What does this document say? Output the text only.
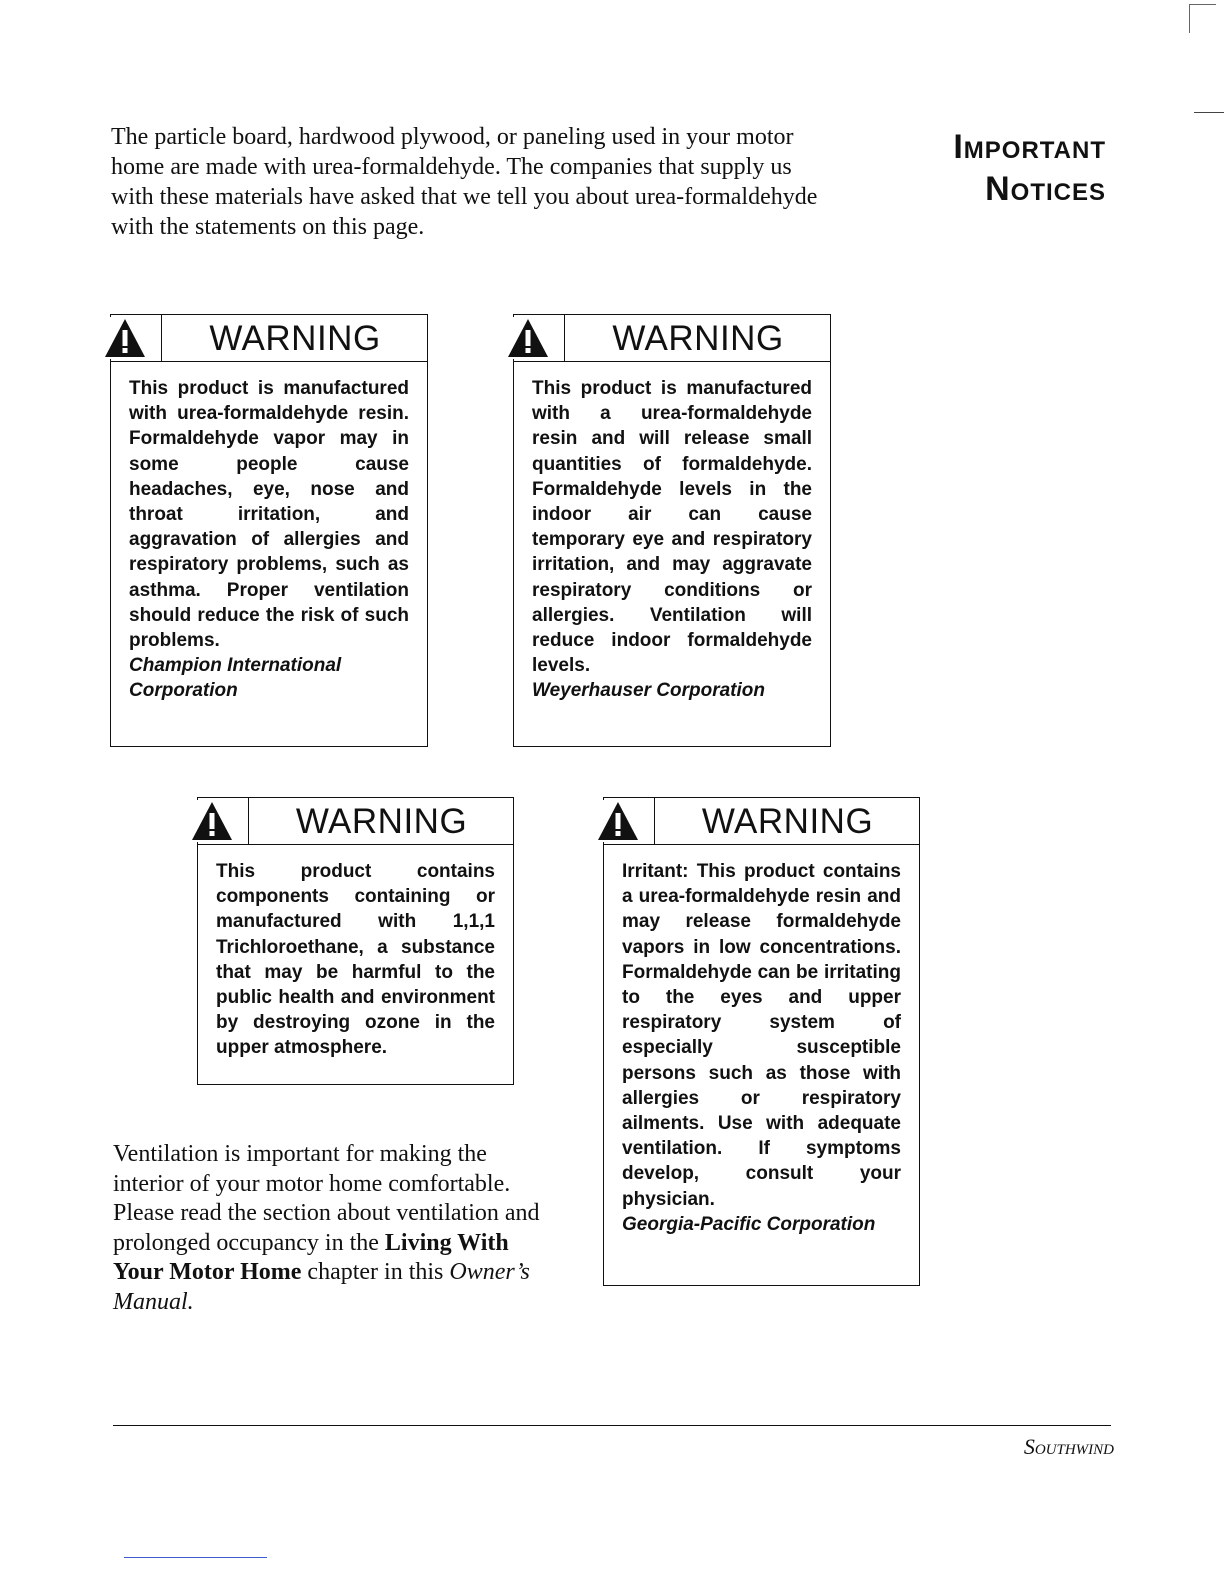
The particle board, hardwood plywood, or paneling used in your motor home are made with urea-formaldehyde. The companies that supply us with these materials have asked that we tell you about urea-formaldehyde with the statements on this page.

Important
Notices
WARNING

This product is manufactured with urea-formaldehyde resin. Formaldehyde vapor may in some people cause headaches, eye, nose and throat irritation, and aggravation of allergies and respiratory problems, such as asthma. Proper ventilation should reduce the risk of such problems.

Champion International Corporation

WARNING

This product is manufactured with a urea-formaldehyde resin and will release small quantities of formaldehyde. Formaldehyde levels in the indoor air can cause temporary eye and respiratory irritation, and may aggravate respiratory conditions or allergies. Ventilation will reduce indoor formaldehyde levels.

Weyerhauser Corporation

WARNING

This product contains components containing or manufactured with 1,1,1 Trichloroethane, a substance that may be harmful to the public health and environment by destroying ozone in the upper atmosphere.

WARNING

Irritant: This product contains a urea-formaldehyde resin and may release formaldehyde vapors in low concentrations. Formaldehyde can be irritating to the eyes and upper respiratory system of especially susceptible persons such as those with allergies or respiratory ailments. Use with adequate ventilation. If symptoms develop, consult your physician.

Georgia-Pacific Corporation

Ventilation is important for making the interior of your motor home comfortable. Please read the section about ventilation and prolonged occupancy in the Living With Your Motor Home chapter in this Owner’s Manual.

Southwind
